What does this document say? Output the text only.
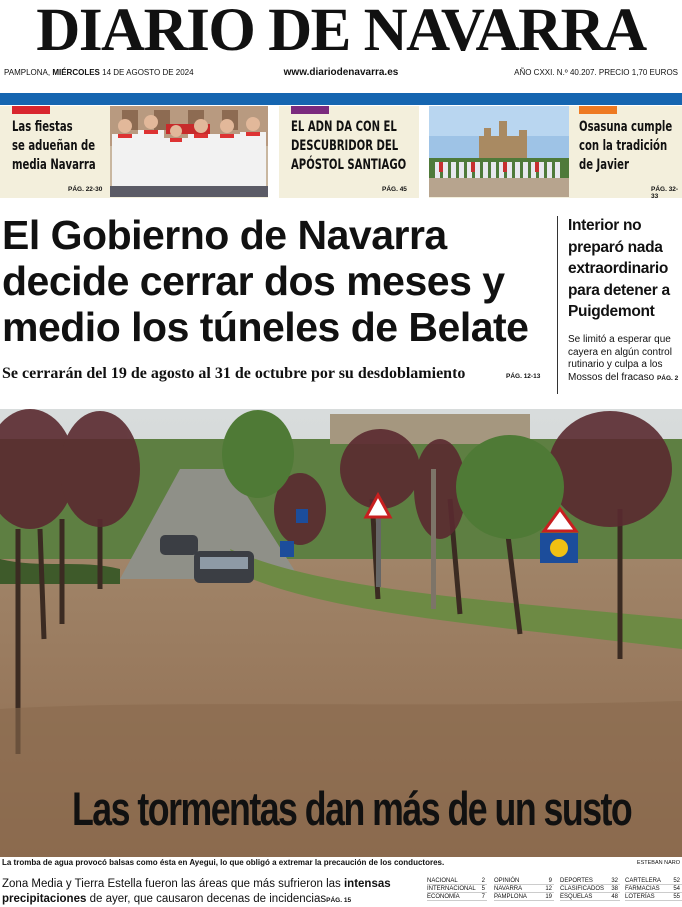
DIARIO DE NAVARRA
PAMPLONA, MIÉRCOLES 14 DE AGOSTO DE 2024	www.diariodenavarra.es	AÑO CXXI. N.º 40.207. PRECIO 1,70 EUROS
Las fiestas
se adueñan de
media Navarra
PÁG. 22-30
EL ADN DA CON EL
DESCUBRIDOR DEL
APÓSTOL SANTIAGO
PÁG. 45
Osasuna cumple
con la tradición
de Javier
PÁG. 32-33
El Gobierno de Navarra decide cerrar dos meses y medio los túneles de Belate
Se cerrarán del 19 de agosto al 31 de octubre por su desdoblamiento	PÁG. 12-13
Interior no preparó nada extraordinario para detener a Puigdemont
Se limitó a esperar que cayera en algún control rutinario y culpa a los Mossos del fracaso PÁG. 2
Las tormentas dan más de un susto
La tromba de agua provocó balsas como ésta en Ayegui, lo que obligó a extremar la precaución de los conductores.	ESTEBAN NARO
Zona Media y Tierra Estella fueron las áreas que más sufrieron las intensas precipitaciones de ayer, que causaron decenas de incidenciasPÁG. 15
NACIONAL	2
INTERNACIONAL 5
ECONOMÍA	7
OPINIÓN	9
NAVARRA	12
PAMPLONA	19
DEPORTES	32
CLASIFICADOS 38
ESQUELAS	48
CARTELERA 52
FARMACIAS 54
LOTERÍAS	55
